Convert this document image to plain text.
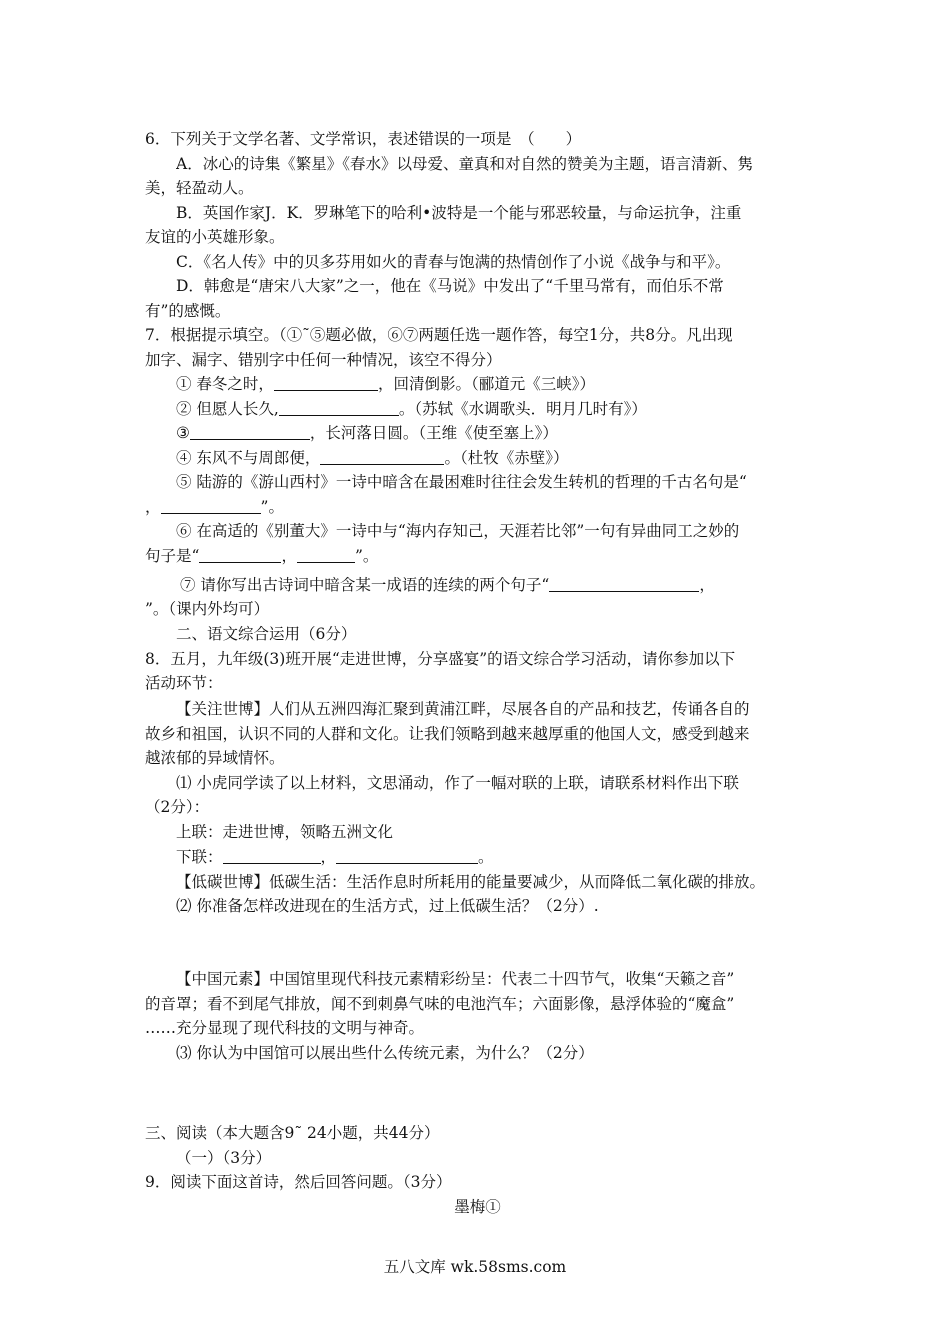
6．下列关于文学名著、文学常识，表述错误的一项是　（　　）
A．冰心的诗集《繁星》《春水》以母爱、童真和对自然的赞美为主题，语言清新、隽
美，轻盈动人。
B．英国作家J．K．罗琳笔下的哈利•波特是一个能与邪恶较量，与命运抗争，注重
友谊的小英雄形象。
C．《名人传》中的贝多芬用如火的青春与饱满的热情创作了小说《战争与和平》。
D．韩愈是“唐宋八大家”之一，他在《马说》中发出了“千里马常有，而伯乐不常
有”的感慨。
7．根据提示填空。（①˜⑤题必做，⑥⑦两题任选一题作答，每空1分，共8分。凡出现
加字、漏字、错别字中任何一种情况，该空不得分）
① 春冬之时，	，回清倒影。（郦道元《三峡》）
② 但愿人长久,	。（苏轼《水调歌头．明月几时有》）
③	，长河落日圆。（王维《使至塞上》）
④ 东风不与周郎便，	。（杜牧《赤壁》）
⑤ 陆游的《游山西村》一诗中暗含在最困难时往往会发生转机的哲理的千古名句是“
，	”。
⑥ 在高适的《别董大》一诗中与“海内存知己，天涯若比邻”一句有异曲同工之妙的
句子是“	，	”。
⑦ 请你写出古诗词中暗含某一成语的连续的两个句子“	，
”。（课内外均可）
二、语文综合运用（6分）
8．五月，九年级(3)班开展“走进世博，分享盛宴”的语文综合学习活动，请你参加以下
活动环节：
【关注世博】人们从五洲四海汇聚到黄浦江畔，尽展各自的产品和技艺，传诵各自的
故乡和祖国，认识不同的人群和文化。让我们领略到越来越厚重的他国人文，感受到越来
越浓郁的异域情怀。
⑴ 小虎同学读了以上材料，文思涌动，作了一幅对联的上联，请联系材料作出下联
（2分）：
上联：走进世博，领略五洲文化
下联：	，	。
【低碳世博】低碳生活：生活作息时所耗用的能量要减少，从而降低二氧化碳的排放。
⑵ 你准备怎样改进现在的生活方式，过上低碳生活？（2分）.
【中国元素】中国馆里现代科技元素精彩纷呈：代表二十四节气，收集“天籁之音”
的音罩；看不到尾气排放，闻不到刺鼻气味的电池汽车；六面影像，悬浮体验的“魔盒”
……充分显现了现代科技的文明与神奇。
⑶ 你认为中国馆可以展出些什么传统元素，为什么？（2分）
三、阅读（本大题含9˜ 24小题，共44分）
（一）（3分）
9．阅读下面这首诗，然后回答问题。（3分）
墨梅①
五八文库 wk.58sms.com
